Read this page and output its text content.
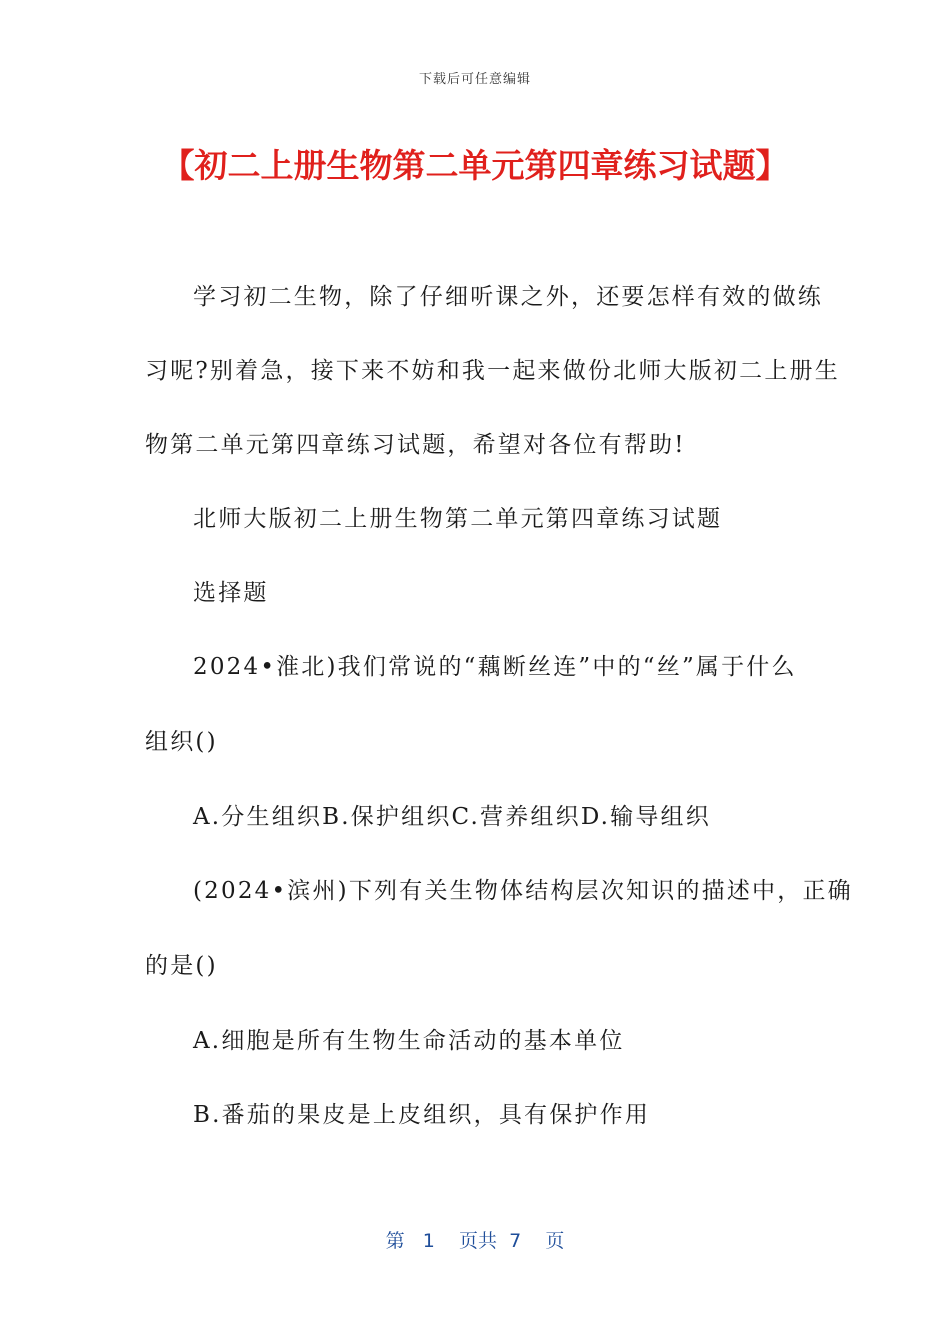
下载后可任意编辑
【初二上册生物第二单元第四章练习试题】
学习初二生物，除了仔细听课之外，还要怎样有效的做练
习呢?别着急，接下来不妨和我一起来做份北师大版初二上册生
物第二单元第四章练习试题，希望对各位有帮助!
北师大版初二上册生物第二单元第四章练习试题
选择题
2024•淮北)我们常说的“藕断丝连”中的“丝”属于什么
组织()
A.分生组织B.保护组织C.营养组织D.输导组织
(2024•滨州)下列有关生物体结构层次知识的描述中，正确
的是()
A.细胞是所有生物生命活动的基本单位
B.番茄的果皮是上皮组织，具有保护作用
第 1 页共 7 页
